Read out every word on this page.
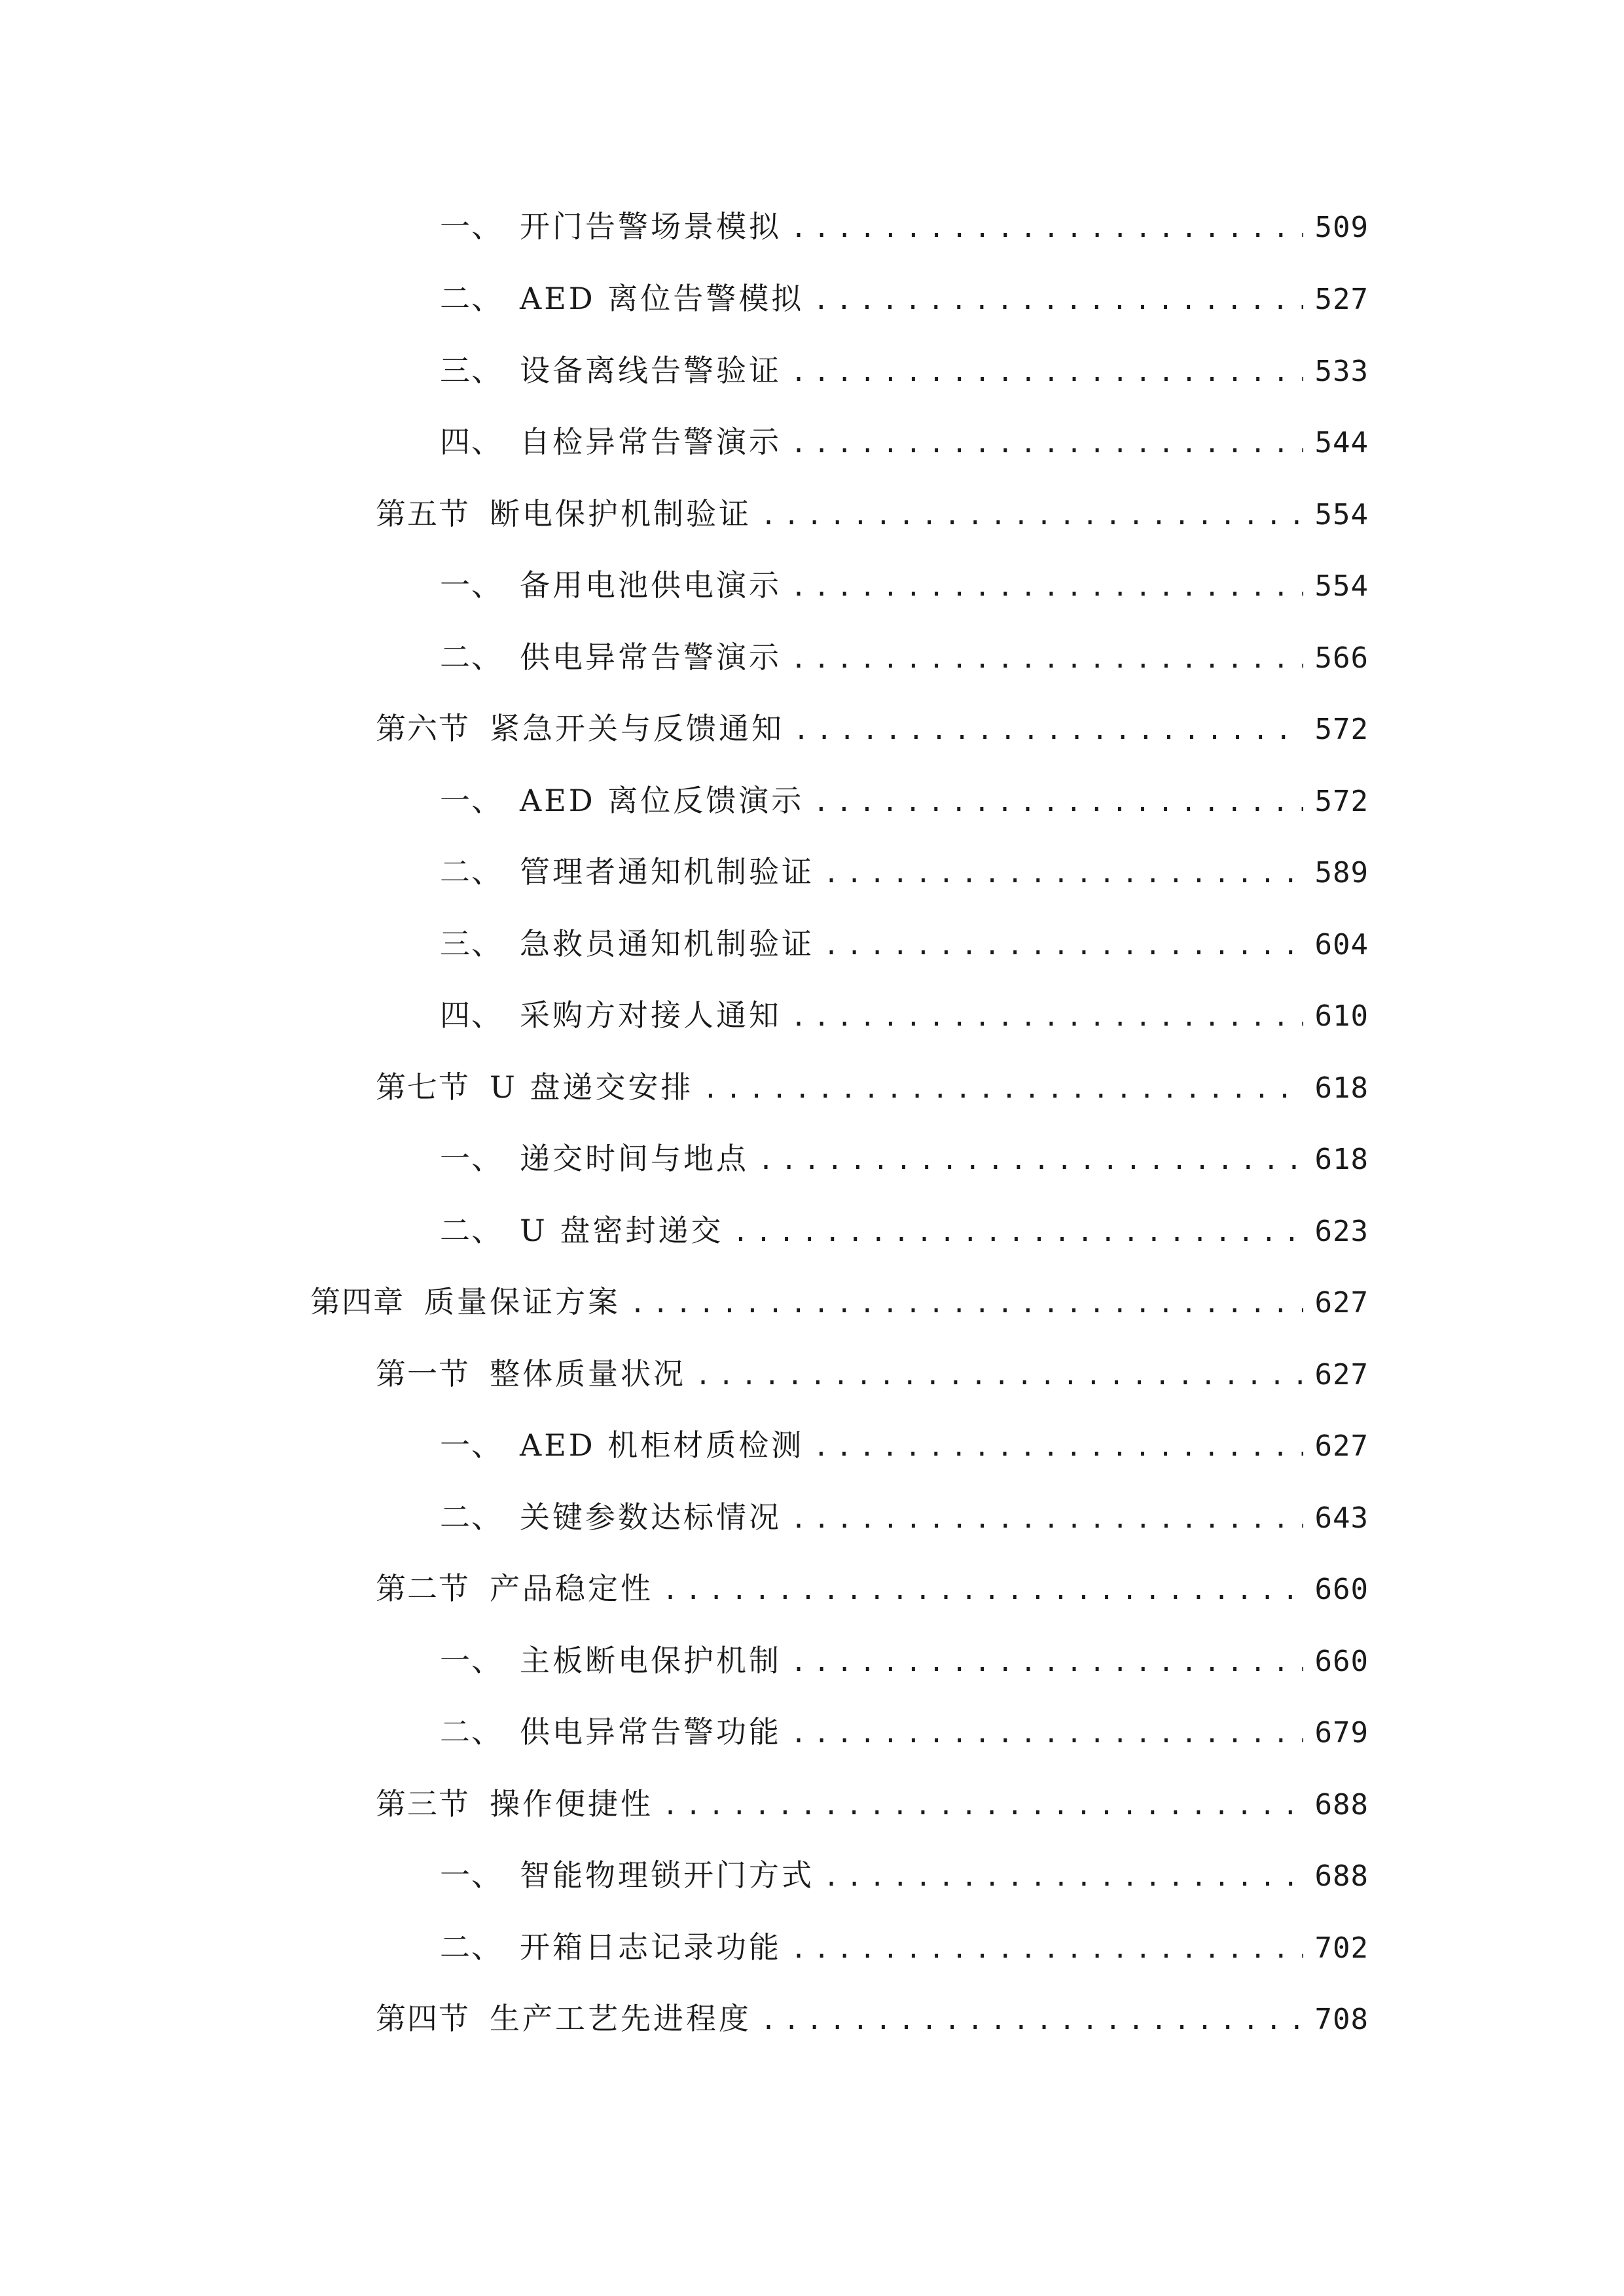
一、 开门告警场景模拟 .....	509
二、 AED 离位告警模拟 .....	527
三、 设备离线告警验证 .....	533
四、 自检异常告警演示 .....	544
第五节 断电保护机制验证 .....	554
一、 备用电池供电演示 .....	554
二、 供电异常告警演示 .....	566
第六节 紧急开关与反馈通知 .....	572
一、 AED 离位反馈演示 .....	572
二、 管理者通知机制验证 .....	589
三、 急救员通知机制验证 .....	604
四、 采购方对接人通知 .....	610
第七节 U 盘递交安排 .....	618
一、 递交时间与地点 .....	618
二、 U 盘密封递交 .....	623
第四章 质量保证方案 .....	627
第一节 整体质量状况 .....	627
一、 AED 机柜材质检测 .....	627
二、 关键参数达标情况 .....	643
第二节 产品稳定性 .....	660
一、 主板断电保护机制 .....	660
二、 供电异常告警功能 .....	679
第三节 操作便捷性 .....	688
一、 智能物理锁开门方式 .....	688
二、 开箱日志记录功能 .....	702
第四节 生产工艺先进程度 .....	708
